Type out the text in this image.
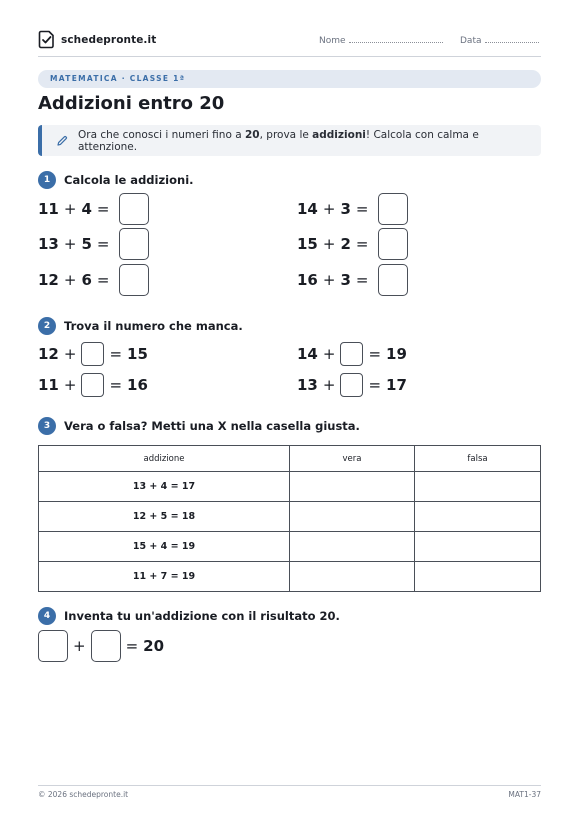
schedepronte.it	Nome	Data
MATEMATICA · CLASSE 1ª
Addizioni entro 20
Ora che conosci i numeri fino a 20, prova le addizioni! Calcola con calma e attenzione.
1	Calcola le addizioni.
11 + 4 =	14 + 3 =
13 + 5 =	15 + 2 =
12 + 6 =	16 + 3 =
2	Trova il numero che manca.
12 + = 15	14 + = 19
11 + = 16	13 + = 17
3	Vera o falsa? Metti una X nella casella giusta.
addizione	vera	falsa
13 + 4 = 17		
12 + 5 = 18		
15 + 4 = 19		
11 + 7 = 19		
4	Inventa tu un'addizione con il risultato 20.
+	= 20
© 2026 schedepronte.it	MAT1-37
